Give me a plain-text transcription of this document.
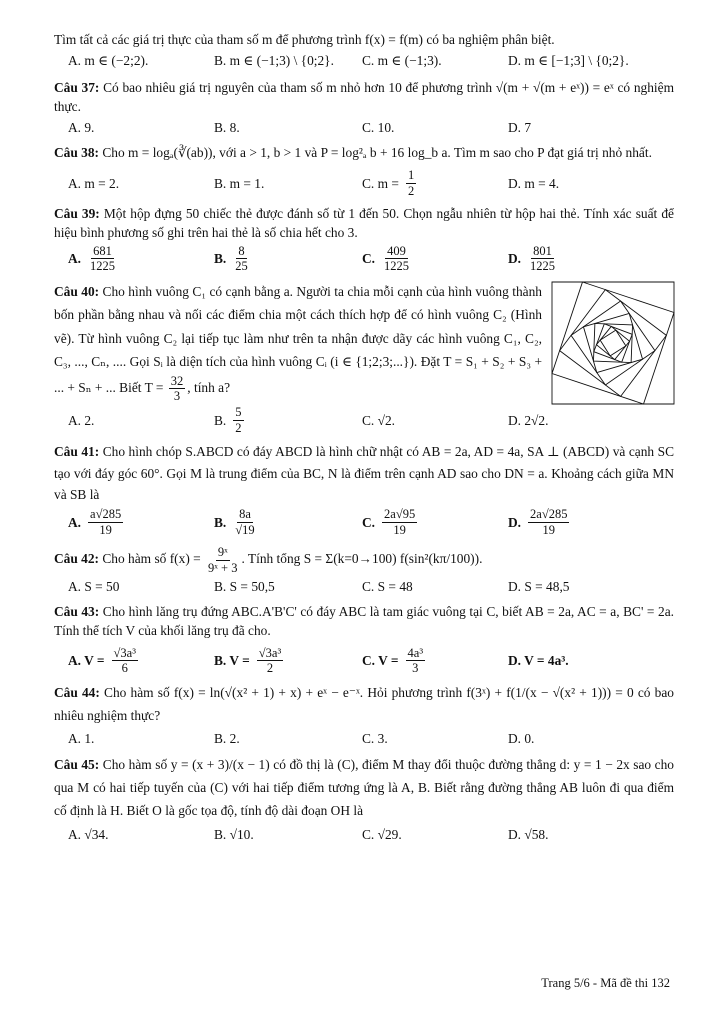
Tìm tất cả các giá trị thực của tham số m để phương trình f(x) = f(m) có ba nghiệm phân biệt.

A. m ∈ (−2;2).	B. m ∈ (−1;3) \ {0;2}.	C. m ∈ (−1;3).	D. m ∈ [−1;3] \ {0;2}.

Câu 37: Có bao nhiêu giá trị nguyên của tham số m nhỏ hơn 10 để phương trình √(m + √(m + eˣ)) = eˣ có nghiệm thực.

A. 9.	B. 8.	C. 10.	D. 7

Câu 38: Cho m = logₐ(∛(ab)), với a > 1, b > 1 và P = log²ₐ b + 16 log_b a. Tìm m sao cho P đạt giá trị nhỏ nhất.

A. m = 2.	B. m = 1.	C. $m = \frac{1}{2}$	D. m = 4.

Câu 39: Một hộp đựng 50 chiếc thẻ được đánh số từ 1 đến 50. Chọn ngẫu nhiên từ hộp hai thẻ. Tính xác suất để hiệu bình phương số ghi trên hai thẻ là số chia hết cho 3.

A. $\frac{681}{1225}$	B. $\frac{8}{25}$	C. $\frac{409}{1225}$	D. $\frac{801}{1225}$

Câu 40: Cho hình vuông C₁ có cạnh bằng a. Người ta chia mỗi cạnh của hình vuông thành bốn phần bằng nhau và nối các điểm chia một cách thích hợp để có hình vuông C₂ (Hình vẽ). Từ hình vuông C₂ lại tiếp tục làm như trên ta nhận được dãy các hình vuông C₁, C₂, C₃, ..., Cₙ, .... Gọi Sᵢ là diện tích của hình vuông Cᵢ (i ∈ {1;2;3;...}). Đặt T = S₁ + S₂ + S₃ + ... + Sₙ + ... Biết $T = \frac{32}{3}$ , tính a?

A. 2.	B. $\frac{5}{2}$	C. √2.	D. 2√2.

Câu 41: Cho hình chóp S.ABCD có đáy ABCD là hình chữ nhật có AB = 2a, AD = 4a, SA ⊥ (ABCD) và cạnh SC tạo với đáy góc 60°. Gọi M là trung điểm của BC, N là điểm trên cạnh AD sao cho DN = a. Khoảng cách giữa MN và SB là

A. $\frac{a√285}{19}$	B. $\frac{8a}{√19}$	C. $\frac{2a√95}{19}$	D. $\frac{2a√285}{19}$

Câu 42: Cho hàm số $f(x) = \frac{\text{9ˣ}}{\text{9ˣ + 3}}$ . Tính tổng S = Σ(k=0→100) f(sin²(kπ/100)).

A. S = 50	B. S = 50,5	C. S = 48	D. S = 48,5

Câu 43: Cho hình lăng trụ đứng ABC.A'B'C' có đáy ABC là tam giác vuông tại C, biết AB = 2a, AC = a, BC' = 2a. Tính thể tích V của khối lăng trụ đã cho.

A. $V = \frac{\text{√3a³}}{6}$	B. $V = \frac{\text{√3a³}}{2}$	C. $V = \frac{\text{4a³}}{3}$	D. V = 4a³.

Câu 44: Cho hàm số f(x) = ln(√(x² + 1) + x) + eˣ − e⁻ˣ. Hỏi phương trình f(3ˣ) + f(1/(x − √(x² + 1))) = 0 có bao nhiêu nghiệm thực?

A. 1.	B. 2.	C. 3.	D. 0.

Câu 45: Cho hàm số y = (x + 3)/(x − 1) có đồ thị là (C), điểm M thay đổi thuộc đường thẳng d: y = 1 − 2x sao cho qua M có hai tiếp tuyến của (C) với hai tiếp điểm tương ứng là A, B. Biết rằng đường thẳng AB luôn đi qua điểm cố định là H. Biết O là gốc tọa độ, tính độ dài đoạn OH là

A. √34.	B. √10.	C. √29.	D. √58.
Trang 5/6 - Mã đề thi 132
